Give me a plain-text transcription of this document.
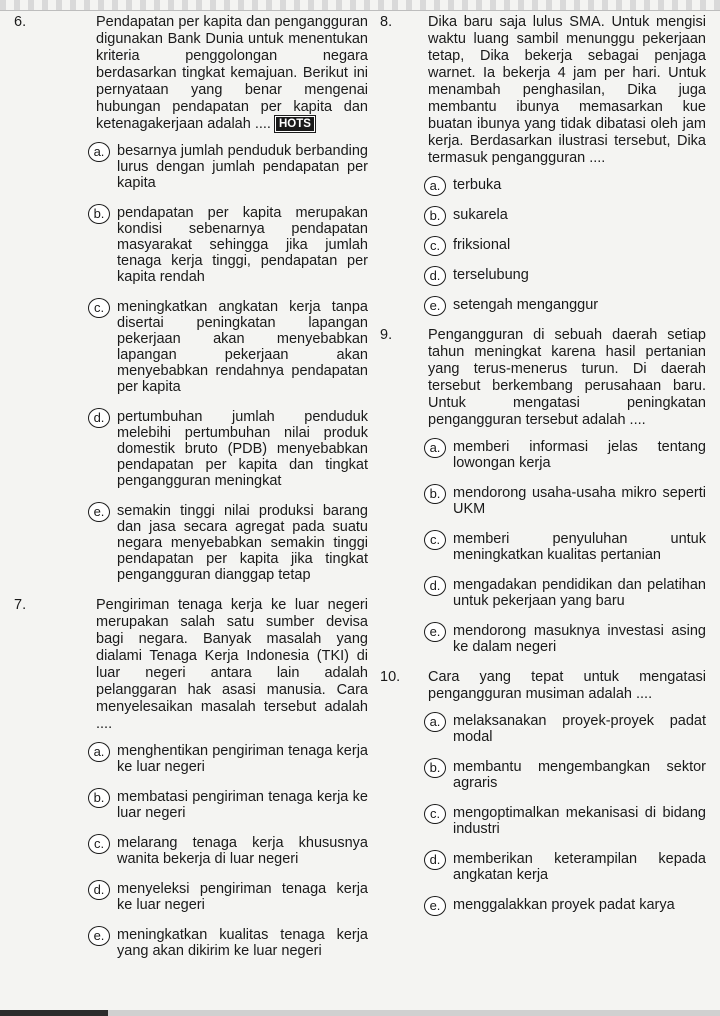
6.	Pendapatan per kapita dan pengangguran digunakan Bank Dunia untuk menentukan kriteria penggolongan negara berdasarkan tingkat kemajuan. Berikut ini pernyataan yang benar mengenai hubungan pendapatan per kapita dan ketenagakerjaan adalah .... HOTS
a. besarnya jumlah penduduk berbanding lurus dengan jumlah pendapatan per kapita
b. pendapatan per kapita merupakan kondisi sebenarnya pendapatan masyarakat sehingga jika jumlah tenaga kerja tinggi, pendapatan per kapita rendah
c. meningkatkan angkatan kerja tanpa disertai peningkatan lapangan pekerjaan akan menyebabkan lapangan pekerjaan akan menyebabkan rendahnya pendapatan per kapita
d. pertumbuhan jumlah penduduk melebihi pertumbuhan nilai produk domestik bruto (PDB) menyebabkan pendapatan per kapita dan tingkat pengangguran meningkat
e. semakin tinggi nilai produksi barang dan jasa secara agregat pada suatu negara menyebabkan semakin tinggi pendapatan per kapita jika tingkat pengangguran dianggap tetap
7.	Pengiriman tenaga kerja ke luar negeri merupakan salah satu sumber devisa bagi negara. Banyak masalah yang dialami Tenaga Kerja Indonesia (TKI) di luar negeri antara lain adalah pelanggaran hak asasi manusia. Cara menyelesaikan masalah tersebut adalah ....
a. menghentikan pengiriman tenaga kerja ke luar negeri
b. membatasi pengiriman tenaga kerja ke luar negeri
c. melarang tenaga kerja khususnya wanita bekerja di luar negeri
d. menyeleksi pengiriman tenaga kerja ke luar negeri
e. meningkatkan kualitas tenaga kerja yang akan dikirim ke luar negeri
8.	Dika baru saja lulus SMA. Untuk mengisi waktu luang sambil menunggu pekerjaan tetap, Dika bekerja sebagai penjaga warnet. Ia bekerja 4 jam per hari. Untuk menambah penghasilan, Dika juga membantu ibunya memasarkan kue buatan ibunya yang tidak dibatasi oleh jam kerja. Berdasarkan ilustrasi tersebut, Dika termasuk pengangguran ....
a. terbuka
b. sukarela
c. friksional
d. terselubung
e. setengah menganggur
9.	Pengangguran di sebuah daerah setiap tahun meningkat karena hasil pertanian yang terus-menerus turun. Di daerah tersebut berkembang perusahaan baru. Untuk mengatasi peningkatan pengangguran tersebut adalah ....
a. memberi informasi jelas tentang lowongan kerja
b. mendorong usaha-usaha mikro seperti UKM
c. memberi penyuluhan untuk meningkatkan kualitas pertanian
d. mengadakan pendidikan dan pelatihan untuk pekerjaan yang baru
e. mendorong masuknya investasi asing ke dalam negeri
10.	Cara yang tepat untuk mengatasi pengangguran musiman adalah ....
a. melaksanakan proyek-proyek padat modal
b. membantu mengembangkan sektor agraris
c. mengoptimalkan mekanisasi di bidang industri
d. memberikan keterampilan kepada angkatan kerja
e. menggalakkan proyek padat karya
